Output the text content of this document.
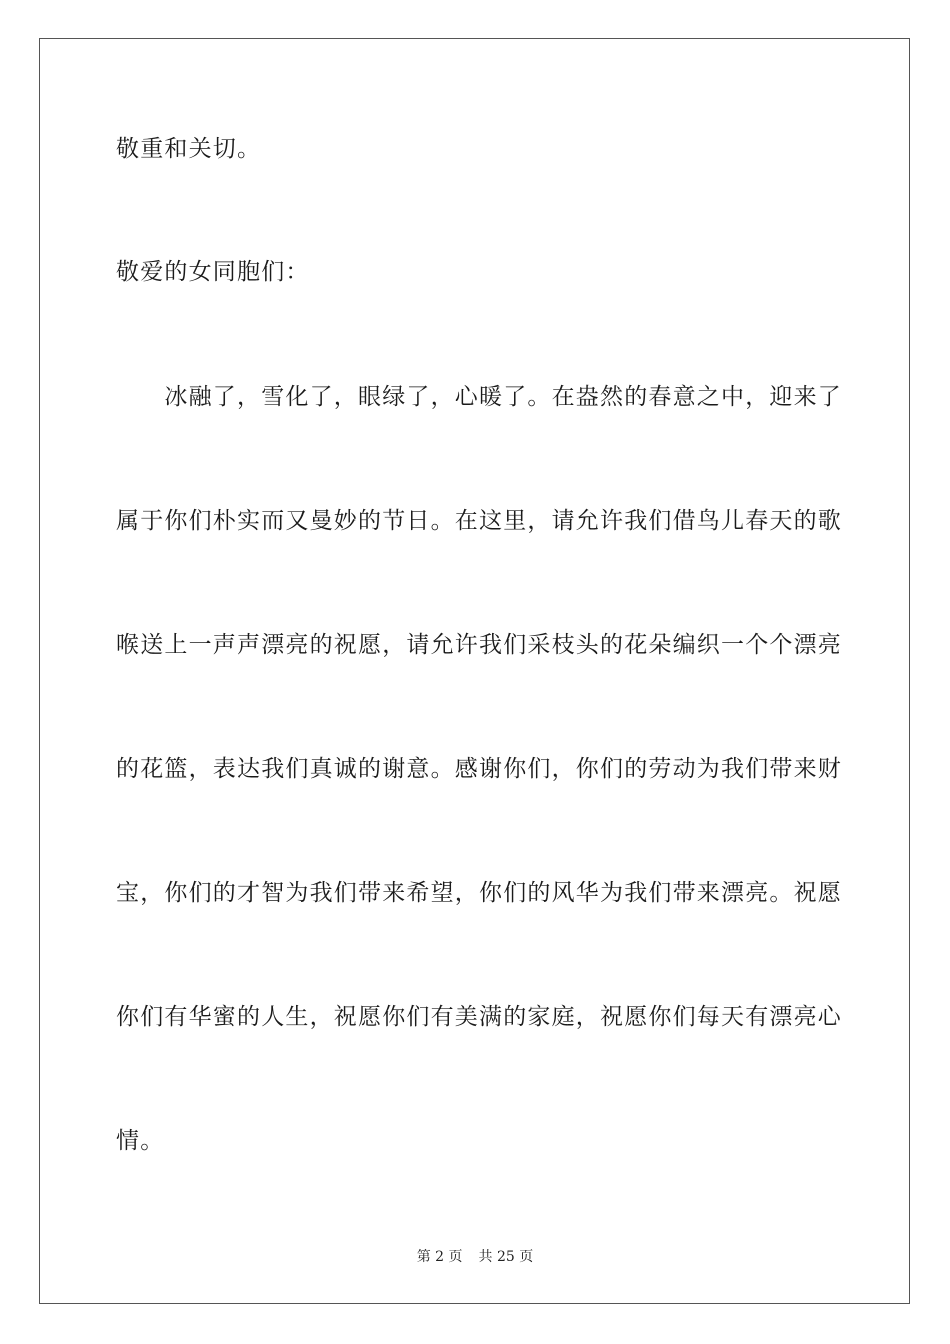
敬重和关切。
敬爱的女同胞们：
　　冰融了，雪化了，眼绿了，心暖了。在盎然的春意之中，迎来了
属于你们朴实而又曼妙的节日。在这里，请允许我们借鸟儿春天的歌
喉送上一声声漂亮的祝愿，请允许我们采枝头的花朵编织一个个漂亮
的花篮，表达我们真诚的谢意。感谢你们，你们的劳动为我们带来财
宝，你们的才智为我们带来希望，你们的风华为我们带来漂亮。祝愿
你们有华蜜的人生，祝愿你们有美满的家庭，祝愿你们每天有漂亮心
情。
第 2 页 共 25 页
